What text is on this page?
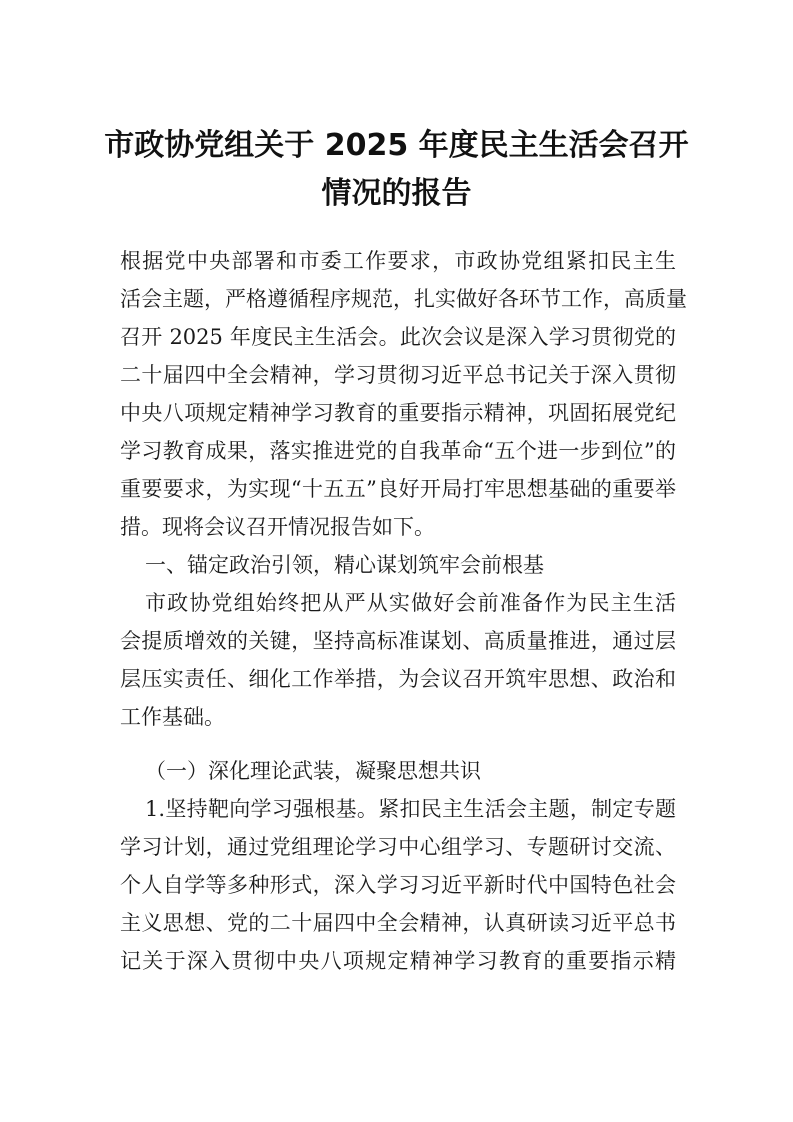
市政协党组关于 2025 年度民主生活会召开
情况的报告
根据党中央部署和市委工作要求，市政协党组紧扣民主生
活会主题，严格遵循程序规范，扎实做好各环节工作，高质量
召开 2025 年度民主生活会。此次会议是深入学习贯彻党的
二十届四中全会精神，学习贯彻习近平总书记关于深入贯彻
中央八项规定精神学习教育的重要指示精神，巩固拓展党纪
学习教育成果，落实推进党的自我革命“五个进一步到位”的
重要要求，为实现“十五五”良好开局打牢思想基础的重要举
措。现将会议召开情况报告如下。
一、锚定政治引领，精心谋划筑牢会前根基
市政协党组始终把从严从实做好会前准备作为民主生活
会提质增效的关键，坚持高标准谋划、高质量推进，通过层
层压实责任、细化工作举措，为会议召开筑牢思想、政治和
工作基础。
（一）深化理论武装，凝聚思想共识
1.坚持靶向学习强根基。紧扣民主生活会主题，制定专题
学习计划，通过党组理论学习中心组学习、专题研讨交流、
个人自学等多种形式，深入学习习近平新时代中国特色社会
主义思想、党的二十届四中全会精神，认真研读习近平总书
记关于深入贯彻中央八项规定精神学习教育的重要指示精
